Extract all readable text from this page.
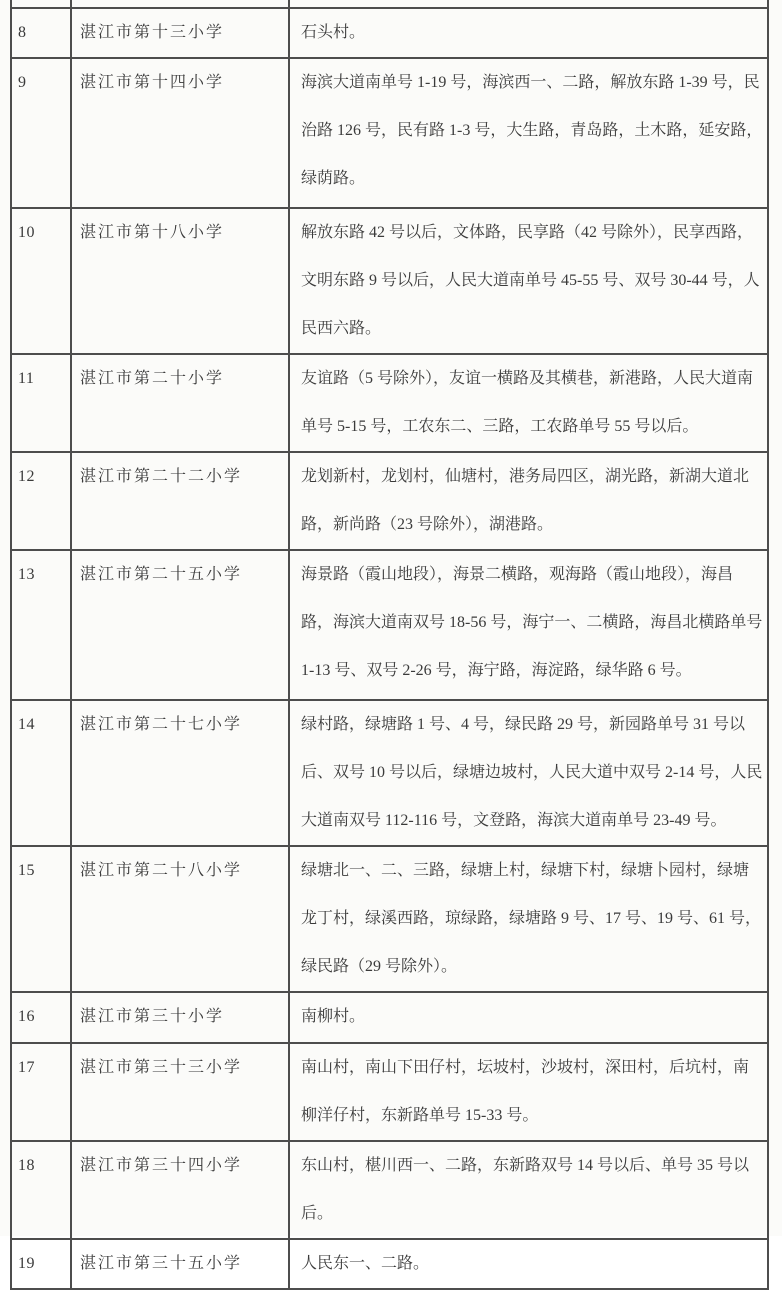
8	湛江市第十三小学	石头村。
9	湛江市第十四小学	海滨大道南单号 1-19 号，海滨西一、二路，解放东路 1-39 号，民治路 126 号，民有路 1-3 号，大生路，青岛路，土木路，延安路，绿荫路。
10	湛江市第十八小学	解放东路 42 号以后，文体路，民享路（42 号除外），民享西路，文明东路 9 号以后，人民大道南单号 45-55 号、双号 30-44 号，人民西六路。
11	湛江市第二十小学	友谊路（5 号除外），友谊一横路及其横巷，新港路，人民大道南单号 5-15 号，工农东二、三路，工农路单号 55 号以后。
12	湛江市第二十二小学	龙划新村，龙划村，仙塘村，港务局四区，湖光路，新湖大道北路，新尚路（23 号除外），湖港路。
13	湛江市第二十五小学	海景路（霞山地段），海景二横路，观海路（霞山地段），海昌路，海滨大道南双号 18-56 号，海宁一、二横路，海昌北横路单号 1-13 号、双号 2-26 号，海宁路，海淀路，绿华路 6 号。
14	湛江市第二十七小学	绿村路，绿塘路 1 号、4 号，绿民路 29 号，新园路单号 31 号以后、双号 10 号以后，绿塘边坡村，人民大道中双号 2-14 号，人民大道南双号 112-116 号，文登路，海滨大道南单号 23-49 号。
15	湛江市第二十八小学	绿塘北一、二、三路，绿塘上村，绿塘下村，绿塘卜园村，绿塘龙丁村，绿溪西路，琼绿路，绿塘路 9 号、17 号、19 号、61 号，绿民路（29 号除外）。
16	湛江市第三十小学	南柳村。
17	湛江市第三十三小学	南山村，南山下田仔村，坛坡村，沙坡村，深田村，后坑村，南柳洋仔村，东新路单号 15-33 号。
18	湛江市第三十四小学	东山村，椹川西一、二路，东新路双号 14 号以后、单号 35 号以后。
19	湛江市第三十五小学	人民东一、二路。
